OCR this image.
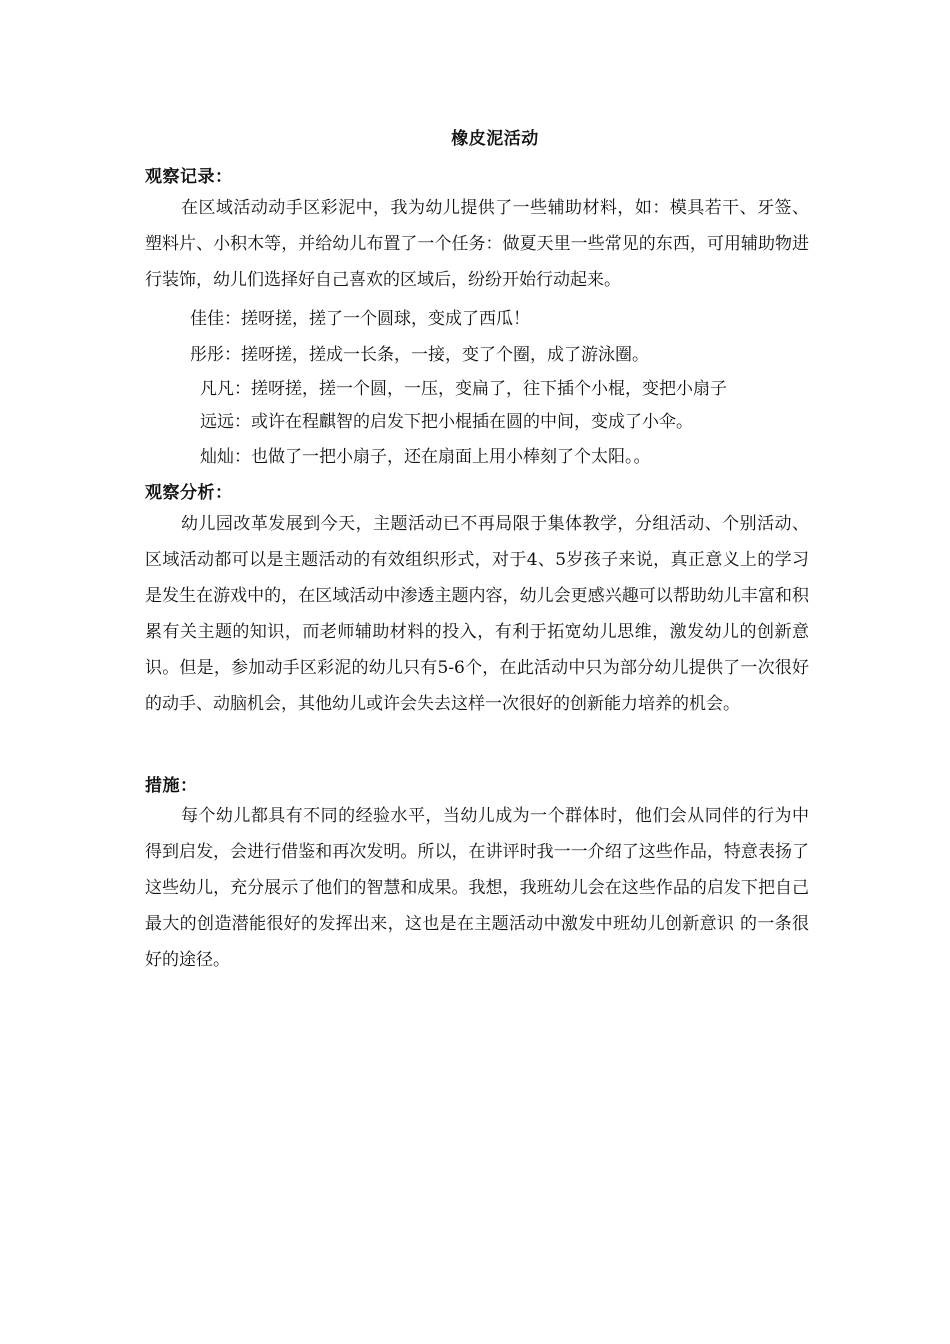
橡皮泥活动
观察记录：
在区域活动动手区彩泥中，我为幼儿提供了一些辅助材料，如：模具若干、牙签、塑料片、小积木等，并给幼儿布置了一个任务：做夏天里一些常见的东西，可用辅助物进行装饰，幼儿们选择好自己喜欢的区域后，纷纷开始行动起来。
佳佳：搓呀搓，搓了一个圆球，变成了西瓜！
彤彤：搓呀搓，搓成一长条，一接，变了个圈，成了游泳圈。
凡凡：搓呀搓，搓一个圆，一压，变扁了，往下插个小棍，变把小扇子
远远：或许在程麒智的启发下把小棍插在圆的中间，变成了小伞。
灿灿：也做了一把小扇子，还在扇面上用小棒刻了个太阳。。
观察分析：
幼儿园改革发展到今天，主题活动已不再局限于集体教学，分组活动、个别活动、区域活动都可以是主题活动的有效组织形式，对于4、5岁孩子来说，真正意义上的学习是发生在游戏中的，在区域活动中渗透主题内容，幼儿会更感兴趣可以帮助幼儿丰富和积累有关主题的知识，而老师辅助材料的投入，有利于拓宽幼儿思维，激发幼儿的创新意识。但是，参加动手区彩泥的幼儿只有5-6个，在此活动中只为部分幼儿提供了一次很好的动手、动脑机会，其他幼儿或许会失去这样一次很好的创新能力培养的机会。
措施：
每个幼儿都具有不同的经验水平，当幼儿成为一个群体时，他们会从同伴的行为中得到启发，会进行借鉴和再次发明。所以，在讲评时我一一介绍了这些作品，特意表扬了这些幼儿，充分展示了他们的智慧和成果。我想，我班幼儿会在这些作品的启发下把自己最大的创造潜能很好的发挥出来，这也是在主题活动中激发中班幼儿创新意识 的一条很好的途径。
